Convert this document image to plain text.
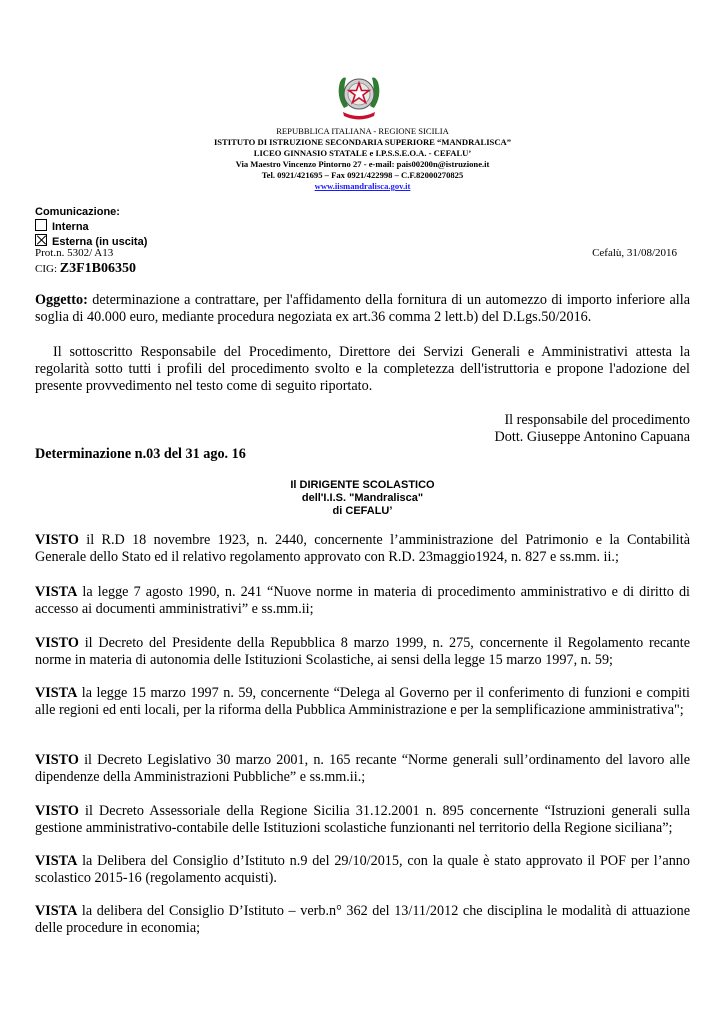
REPUBBLICA ITALIANA - REGIONE SICILIA
ISTITUTO DI ISTRUZIONE SECONDARIA SUPERIORE “MANDRALISCA”
LICEO GINNASIO STATALE e I.P.S.S.E.O.A. - CEFALU’
Via Maestro Vincenzo Pintorno 27 - e-mail: pais00200n@istruzione.it
Tel. 0921/421695 – Fax 0921/422998 – C.F.82000270825
www.iismandralisca.gov.it
Comunicazione:
Interna
Esterna (in uscita)
Prot.n. 5302/ A13	Cefalù, 31/08/2016
CIG: Z3F1B06350
Oggetto: determinazione a contrattare, per l'affidamento della fornitura di un automezzo di importo inferiore alla soglia di 40.000 euro, mediante procedura negoziata ex art.36 comma 2 lett.b) del D.Lgs.50/2016.
Il sottoscritto Responsabile del Procedimento, Direttore dei Servizi Generali e Amministrativi attesta la regolarità sotto tutti i profili del procedimento svolto e la completezza dell'istruttoria e propone l'adozione del presente provvedimento nel testo come di seguito riportato.
Il responsabile del procedimento
Dott. Giuseppe Antonino Capuana
Determinazione n.03 del 31 ago. 16
Il DIRIGENTE SCOLASTICO
dell'I.I.S. "Mandralisca"
di CEFALU’
VISTO il R.D 18 novembre 1923, n. 2440, concernente l’amministrazione del Patrimonio e la Contabilità Generale dello Stato ed il relativo regolamento approvato con R.D. 23maggio1924, n. 827 e ss.mm. ii.;
VISTA la legge 7 agosto 1990, n. 241 “Nuove norme in materia di procedimento amministrativo e di diritto di accesso ai documenti amministrativi” e ss.mm.ii;
VISTO il Decreto del Presidente della Repubblica 8 marzo 1999, n. 275, concernente il Regolamento recante norme in materia di autonomia delle Istituzioni Scolastiche, ai sensi della legge 15 marzo 1997, n. 59;
VISTA la legge 15 marzo 1997 n. 59, concernente “Delega al Governo per il conferimento di funzioni e compiti alle regioni ed enti locali, per la riforma della Pubblica Amministrazione e per la semplificazione amministrativa";
VISTO il Decreto Legislativo 30 marzo 2001, n. 165 recante “Norme generali sull’ordinamento del lavoro alle dipendenze della Amministrazioni Pubbliche” e ss.mm.ii.;
VISTO il Decreto Assessoriale della Regione Sicilia 31.12.2001 n. 895 concernente “Istruzioni generali sulla gestione amministrativo-contabile delle Istituzioni scolastiche funzionanti nel territorio della Regione siciliana”;
VISTA la Delibera del Consiglio d’Istituto n.9 del 29/10/2015, con la quale è stato approvato il POF per l’anno scolastico 2015-16 (regolamento acquisti).
VISTA la delibera del Consiglio D’Istituto – verb.n° 362 del 13/11/2012 che disciplina le modalità di attuazione delle procedure in economia;
